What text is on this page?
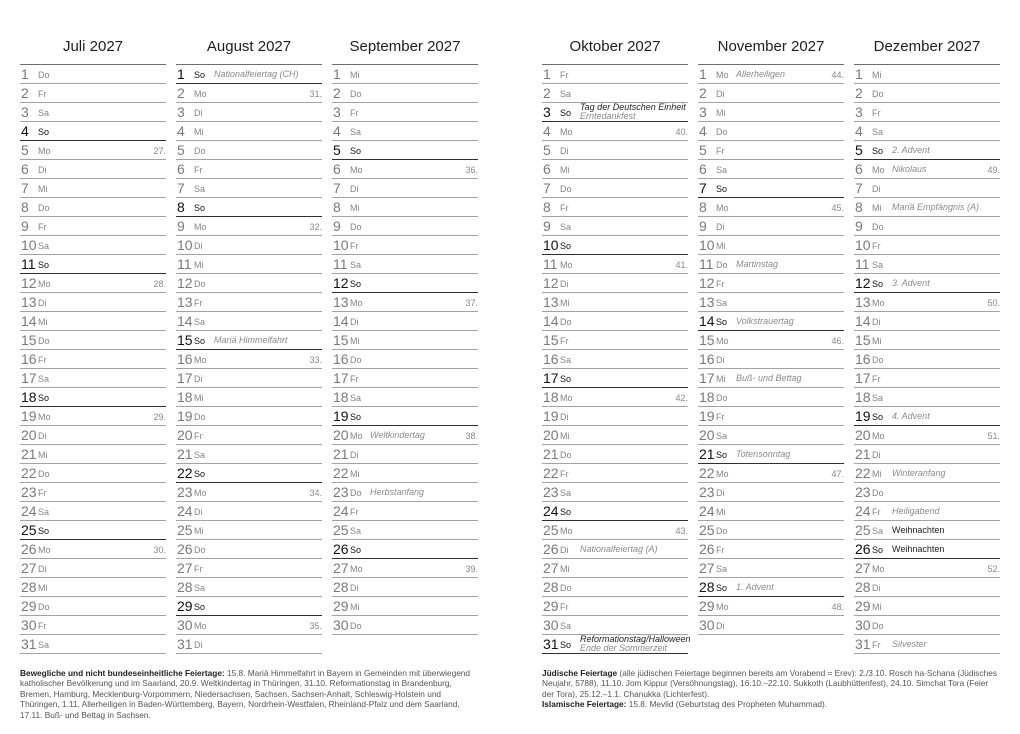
Juli 2027
1 Do
2 Fr
3 Sa
4 So
5 Mo	27.
6 Di
7 Mi
8 Do
9 Fr
10 Sa
11 So
12 Mo	28.
13 Di
14 Mi
15 Do
16 Fr
17 Sa
18 So
19 Mo	29.
20 Di
21 Mi
22 Do
23 Fr
24 Sa
25 So
26 Mo	30.
27 Di
28 Mi
29 Do
30 Fr
31 Sa
August 2027
1 So Nationalfeiertag (CH)
2 Mo	31.
3 Di
4 Mi
5 Do
6 Fr
7 Sa
8 So
9 Mo	32.
10 Di
11 Mi
12 Do
13 Fr
14 Sa
15 So Mariä Himmelfahrt
16 Mo	33.
17 Di
18 Mi
19 Do
20 Fr
21 Sa
22 So
23 Mo	34.
24 Di
25 Mi
26 Do
27 Fr
28 Sa
29 So
30 Mo	35.
31 Di
September 2027
1 Mi
2 Do
3 Fr
4 Sa
5 So
6 Mo	36.
7 Di
8 Mi
9 Do
10 Fr
11 Sa
12 So
13 Mo	37.
14 Di
15 Mi
16 Do
17 Fr
18 Sa
19 So
20 Mo Weltkindertag	38.
21 Di
22 Mi
23 Do Herbstanfang
24 Fr
25 Sa
26 So
27 Mo	39.
28 Di
29 Mi
30 Do
Oktober 2027
1 Fr
2 Sa
3 So
Tag der Deutschen Einheit
Erntedankfest
4 Mo	40.
5 Di
6 Mi
7 Do
8 Fr
9 Sa
10 So
11 Mo	41.
12 Di
13 Mi
14 Do
15 Fr
16 Sa
17 So
18 Mo	42.
19 Di
20 Mi
21 Do
22 Fr
23 Sa
24 So
25 Mo	43.
26 Di Nationalfeiertag (A)
27 Mi
28 Do
29 Fr
30 Sa
31 So
Reformationstag/Halloween
Ende der Sommerzeit
November 2027
1 Mo Allerheiligen	44.
2 Di
3 Mi
4 Do
5 Fr
6 Sa
7 So
8 Mo	45.
9 Di
10 Mi
11 Do Martinstag
12 Fr
13 Sa
14 So Volkstrauertag
15 Mo	46.
16 Di
17 Mi Buß- und Bettag
18 Do
19 Fr
20 Sa
21 So Totensonntag
22 Mo	47.
23 Di
24 Mi
25 Do
26 Fr
27 Sa
28 So 1. Advent
29 Mo	48.
30 Di
Dezember 2027
1 Mi
2 Do
3 Fr
4 Sa
5 So 2. Advent
6 Mo Nikolaus	49.
7 Di
8 Mi Mariä Empfängnis (A)
9 Do
10 Fr
11 Sa
12 So 3. Advent
13 Mo	50.
14 Di
15 Mi
16 Do
17 Fr
18 Sa
19 So 4. Advent
20 Mo	51.
21 Di
22 Mi Winteranfang
23 Do
24 Fr Heiligabend
25 Sa Weihnachten
26 So Weihnachten
27 Mo	52.
28 Di
29 Mi
30 Do
31 Fr Silvester
Bewegliche und nicht bundeseinheitliche Feiertage: 15.8. Mariä Himmelfahrt in Bayern in Gemeinden mit überwiegend katholischer Bevölkerung und im Saarland, 20.9. Weltkindertag in Thüringen, 31.10. Reformationstag in Brandenburg, Bremen, Hamburg, Mecklenburg-Vorpommern, Niedersachsen, Sachsen, Sachsen-Anhalt, Schleswig-Holstein und Thüringen, 1.11. Allerheiligen in Baden-Württemberg, Bayern, Nordrhein-Westfalen, Rheinland-Pfalz und dem Saarland, 17.11. Buß- und Bettag in Sachsen.
Jüdische Feiertage (alle jüdischen Feiertage beginnen bereits am Vorabend = Erev): 2./3.10. Rosch ha-Schana (Jüdisches Neujahr, 5788), 11.10. Jom Kippur (Versöhnungstag), 16.10.–22.10. Sukkoth (Laubhüttenfest), 24.10. Simchat Tora (Feier der Tora), 25.12.–1.1. Chanukka (Lichterfest).
Islamische Feiertage: 15.8. Mevlid (Geburtstag des Propheten Muhammad).
